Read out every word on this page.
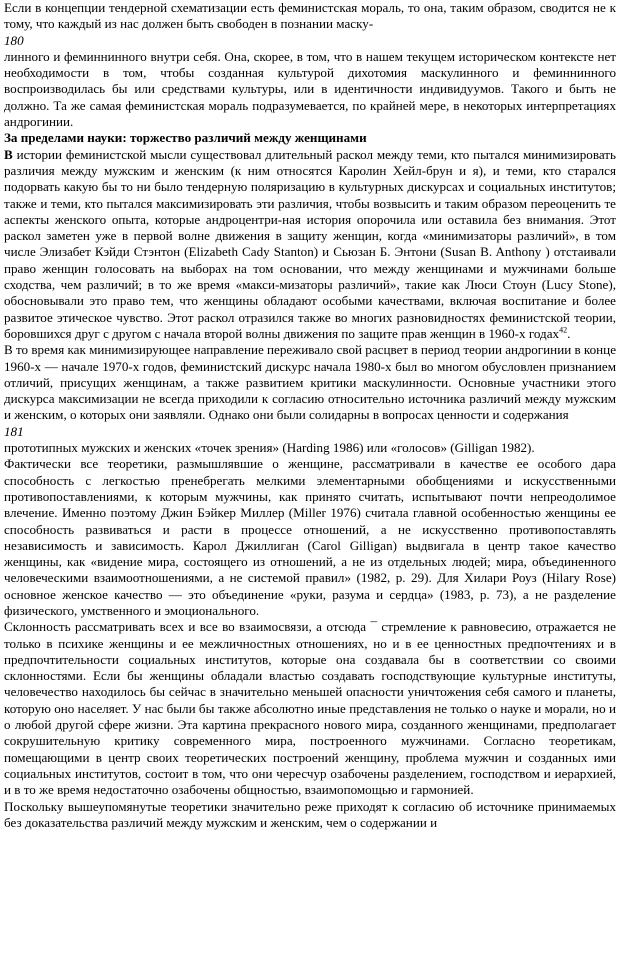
Если в концепции тендерной схематизации есть феминистская мораль, то она, таким образом, сводится не к тому, что каждый из нас должен быть свободен в познании маску-

180

линного и феминнинного внутри себя. Она, скорее, в том, что в нашем текущем историческом контексте нет необходимости в том, чтобы созданная культурой дихотомия маскулинного и феминнинного воспроизводилась бы или средствами культуры, или в идентичности индивидуумов. Такого и быть не должно. Та же самая феминистская мораль подразумевается, по крайней мере, в некоторых интерпретациях андрогинии.

За пределами науки: торжество различий между женщинами

В истории феминистской мысли существовал длительный раскол между теми, кто пытался минимизировать различия между мужским и женским (к ним относятся Каролин Хейл-брун и я), и теми, кто старался подорвать какую бы то ни было тендерную поляризацию в культурных дискурсах и социальных институтов; также и теми, кто пытался максимизировать эти различия, чтобы возвысить и таким образом переоценить те аспекты женского опыта, которые андроцентри-ная история опорочила или оставила без внимания. Этот раскол заметен уже в первой волне движения в защиту женщин, когда «минимизаторы различий», в том числе Элизабет Кэйди Стэнтон (Elizabeth Cady Stanton) и Сьюзан Б. Энтони (Susan B. Anthony ) отстаивали право женщин голосовать на выборах на том основании, что между женщинами и мужчинами больше сходства, чем различий; в то же время «макси-мизаторы различий», такие как Люси Стоун (Lucy Stone), обосновывали это право тем, что женщины обладают особыми качествами, включая воспитание и более развитое этическое чувство. Этот раскол отразился также во многих разновидностях феминистской теории, боровшихся друг с другом с начала второй волны движения по защите прав женщин в 1960-х годах$^{42}$.

В то время как минимизирующее направление переживало свой расцвет в период теории андрогинии в конце 1960-х — начале 1970-х годов, феминистский дискурс начала 1980-х был во многом обусловлен признанием отличий, присущих женщинам, а также развитием критики маскулинности. Основные участники этого дискурса максимизации не всегда приходили к согласию относительно источника различий между мужским и женским, о которых они заявляли. Однако они были солидарны в вопросах ценности и содержания

181

прототипных мужских и женских «точек зрения» (Harding 1986) или «голосов» (Gilligan 1982).

Фактически все теоретики, размышлявшие о женщине, рассматривали в качестве ее особого дара способность с легкостью пренебрегать мелкими элементарными обобщениями и искусственными противопоставлениями, к которым мужчины, как принято считать, испытывают почти непреодолимое влечение. Именно поэтому Джин Бэйкер Миллер (Miller 1976) считала главной особенностью женщины ее способность развиваться и расти в процессе отношений, а не искусственно противопоставлять независимость и зависимость. Карол Джиллиган (Carol Gilligan) выдвигала в центр такое качество женщины, как «видение мира, состоящего из отношений, а не из отдельных людей; мира, объединенного человеческими взаимоотношениями, а не системой правил» (1982, р. 29). Для Хилари Роуз (Hilary Rose) основное женское качество — это объединение «руки, разума и сердца» (1983, р. 73), а не разделение физического, умственного и эмоционального.

Склонность рассматривать всех и все во взаимосвязи, а отсюда ¯ стремление к равновесию, отражается не только в психике женщины и ее межличностных отношениях, но и в ее ценностных предпочтениях и в предпочтительности социальных институтов, которые она создавала бы в соответствии со своими склонностями. Если бы женщины обладали властью создавать господствующие культурные институты, человечество находилось бы сейчас в значительно меньшей опасности уничтожения себя самого и планеты, которую оно населяет. У нас были бы также абсолютно иные представления не только о науке и морали, но и о любой другой сфере жизни. Эта картина прекрасного нового мира, созданного женщинами, предполагает сокрушительную критику современного мира, построенного мужчинами. Согласно теоретикам, помещающими в центр своих теоретических построений женщину, проблема мужчин и созданных ими социальных институтов, состоит в том, что они чересчур озабочены разделением, господством и иерархией, и в то же время недостаточно озабочены общностью, взаимопомощью и гармонией.

Поскольку вышеупомянутые теоретики значительно реже приходят к согласию об источнике принимаемых без доказательства различий между мужским и женским, чем о содержании и
